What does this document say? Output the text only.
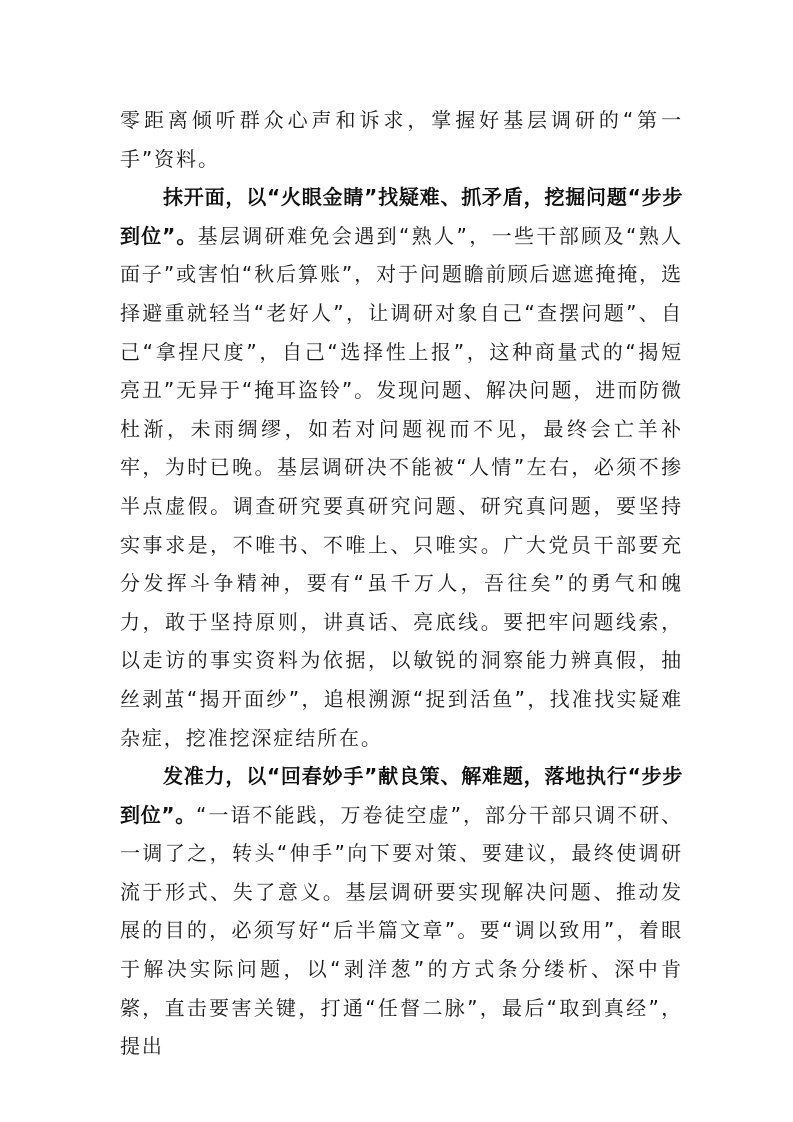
零距离倾听群众心声和诉求，掌握好基层调研的“第一手”资料。

抹开面，以“火眼金睛”找疑难、抓矛盾，挖掘问题“步步到位”。基层调研难免会遇到“熟人”，一些干部顾及“熟人面子”或害怕“秋后算账”，对于问题瞻前顾后遮遮掩掩，选择避重就轻当“老好人”，让调研对象自己“查摆问题”、自己“拿捏尺度”，自己“选择性上报”，这种商量式的“揭短亮丑”无异于“掩耳盗铃”。发现问题、解决问题，进而防微杜渐，未雨绸缪，如若对问题视而不见，最终会亡羊补牢，为时已晚。基层调研决不能被“人情”左右，必须不掺半点虚假。调查研究要真研究问题、研究真问题，要坚持实事求是，不唯书、不唯上、只唯实。广大党员干部要充分发挥斗争精神，要有“虽千万人，吾往矣”的勇气和魄力，敢于坚持原则，讲真话、亮底线。要把牢问题线索，以走访的事实资料为依据，以敏锐的洞察能力辨真假，抽丝剥茧“揭开面纱”，追根溯源“捉到活鱼”，找准找实疑难杂症，挖准挖深症结所在。

发准力，以“回春妙手”献良策、解难题，落地执行“步步到位”。“一语不能践，万卷徒空虚”，部分干部只调不研、一调了之，转头“伸手”向下要对策、要建议，最终使调研流于形式、失了意义。基层调研要实现解决问题、推动发展的目的，必须写好“后半篇文章”。要“调以致用”，着眼于解决实际问题，以“剥洋葱”的方式条分缕析、深中肯綮，直击要害关键，打通“任督二脉”，最后“取到真经”，提出
